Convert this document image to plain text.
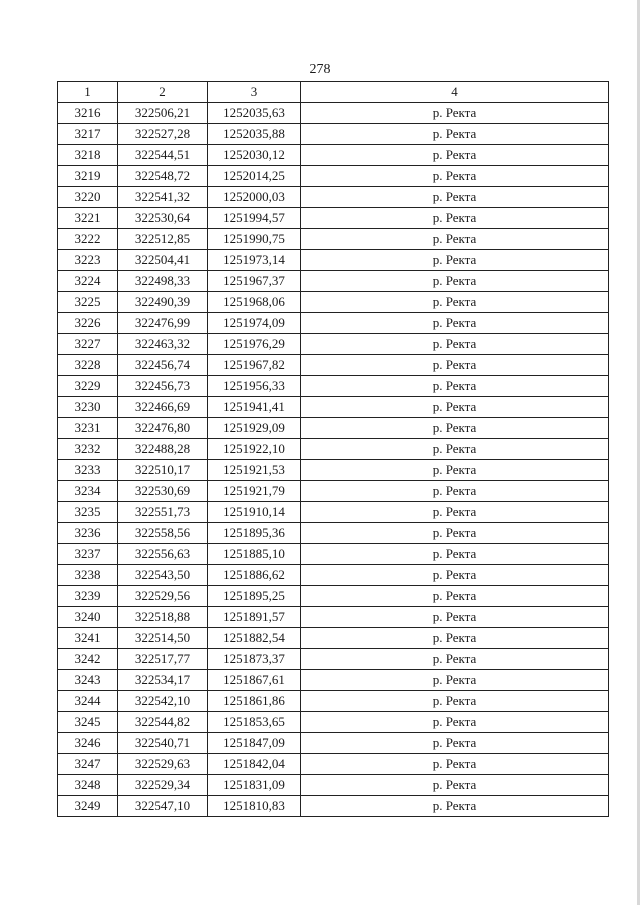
278
1	2	3	4
3216	322506,21	1252035,63	р. Ректа
3217	322527,28	1252035,88	р. Ректа
3218	322544,51	1252030,12	р. Ректа
3219	322548,72	1252014,25	р. Ректа
3220	322541,32	1252000,03	р. Ректа
3221	322530,64	1251994,57	р. Ректа
3222	322512,85	1251990,75	р. Ректа
3223	322504,41	1251973,14	р. Ректа
3224	322498,33	1251967,37	р. Ректа
3225	322490,39	1251968,06	р. Ректа
3226	322476,99	1251974,09	р. Ректа
3227	322463,32	1251976,29	р. Ректа
3228	322456,74	1251967,82	р. Ректа
3229	322456,73	1251956,33	р. Ректа
3230	322466,69	1251941,41	р. Ректа
3231	322476,80	1251929,09	р. Ректа
3232	322488,28	1251922,10	р. Ректа
3233	322510,17	1251921,53	р. Ректа
3234	322530,69	1251921,79	р. Ректа
3235	322551,73	1251910,14	р. Ректа
3236	322558,56	1251895,36	р. Ректа
3237	322556,63	1251885,10	р. Ректа
3238	322543,50	1251886,62	р. Ректа
3239	322529,56	1251895,25	р. Ректа
3240	322518,88	1251891,57	р. Ректа
3241	322514,50	1251882,54	р. Ректа
3242	322517,77	1251873,37	р. Ректа
3243	322534,17	1251867,61	р. Ректа
3244	322542,10	1251861,86	р. Ректа
3245	322544,82	1251853,65	р. Ректа
3246	322540,71	1251847,09	р. Ректа
3247	322529,63	1251842,04	р. Ректа
3248	322529,34	1251831,09	р. Ректа
3249	322547,10	1251810,83	р. Ректа
